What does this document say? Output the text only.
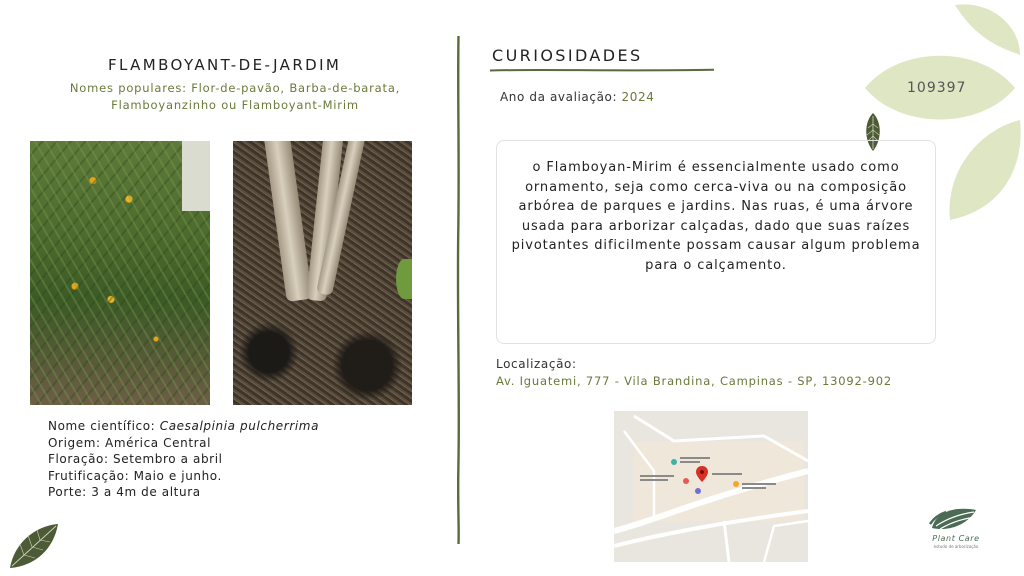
FLAMBOYANT-DE-JARDIM
Nomes populares: Flor-de-pavão, Barba-de-barata, Flamboyanzinho ou Flamboyant-Mirim
Nome científico: Caesalpinia pulcherrima
Origem: América Central
Floração: Setembro a abril
Frutificação: Maio e junho.
Porte: 3 a 4m de altura
CURIOSIDADES
Ano da avaliação: 2024
109397
o Flamboyan-Mirim é essencialmente usado como ornamento, seja como cerca-viva ou na composição arbórea de parques e jardins. Nas ruas, é uma árvore usada para arborizar calçadas, dado que suas raízes pivotantes dificilmente possam causar algum problema para o calçamento.
Localização:
Av. Iguatemi, 777 - Vila Brandina, Campinas - SP, 13092-902
Plant Care
estudo de arborização
